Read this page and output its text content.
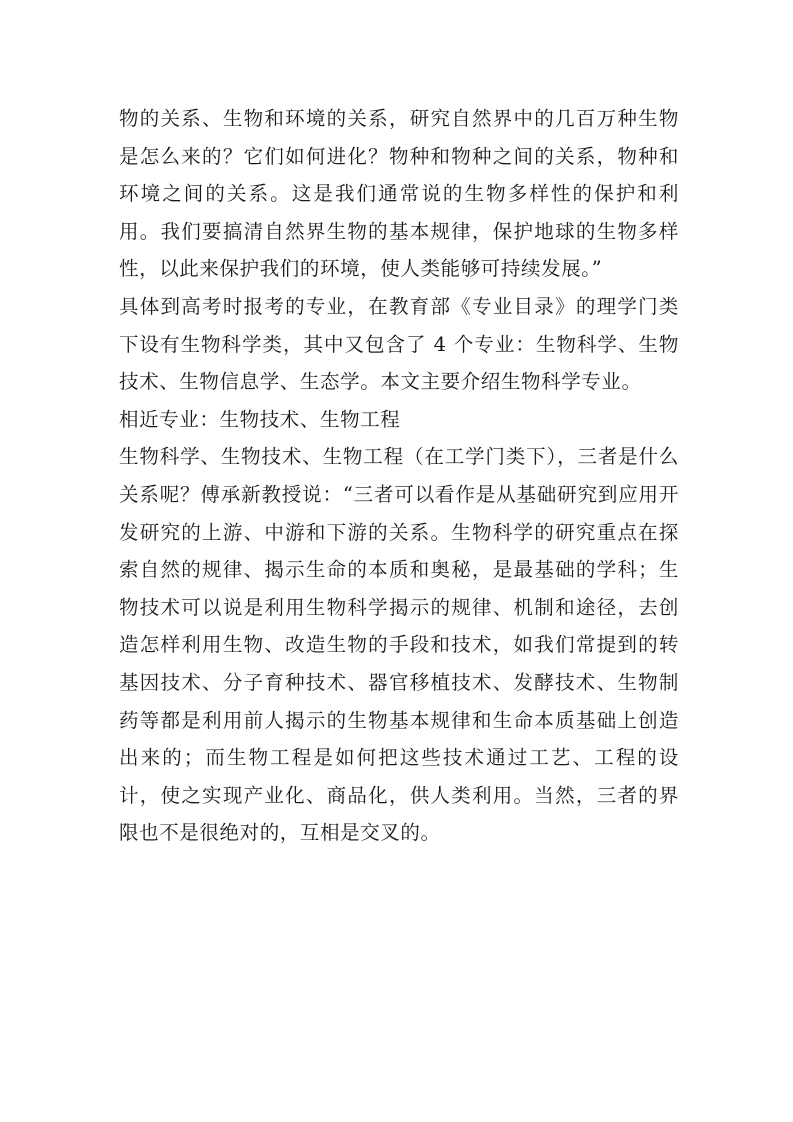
物的关系、生物和环境的关系，研究自然界中的几百万种生物是怎么来的？它们如何进化？物种和物种之间的关系，物种和环境之间的关系。这是我们通常说的生物多样性的保护和利用。我们要搞清自然界生物的基本规律，保护地球的生物多样性，以此来保护我们的环境，使人类能够可持续发展。”

具体到高考时报考的专业，在教育部《专业目录》的理学门类下设有生物科学类，其中又包含了 4 个专业：生物科学、生物技术、生物信息学、生态学。本文主要介绍生物科学专业。

相近专业：生物技术、生物工程

生物科学、生物技术、生物工程（在工学门类下），三者是什么关系呢？傅承新教授说：“三者可以看作是从基础研究到应用开发研究的上游、中游和下游的关系。生物科学的研究重点在探索自然的规律、揭示生命的本质和奥秘，是最基础的学科；生物技术可以说是利用生物科学揭示的规律、机制和途径，去创造怎样利用生物、改造生物的手段和技术，如我们常提到的转基因技术、分子育种技术、器官移植技术、发酵技术、生物制药等都是利用前人揭示的生物基本规律和生命本质基础上创造出来的；而生物工程是如何把这些技术通过工艺、工程的设计，使之实现产业化、商品化，供人类利用。当然，三者的界限也不是很绝对的，互相是交叉的。
